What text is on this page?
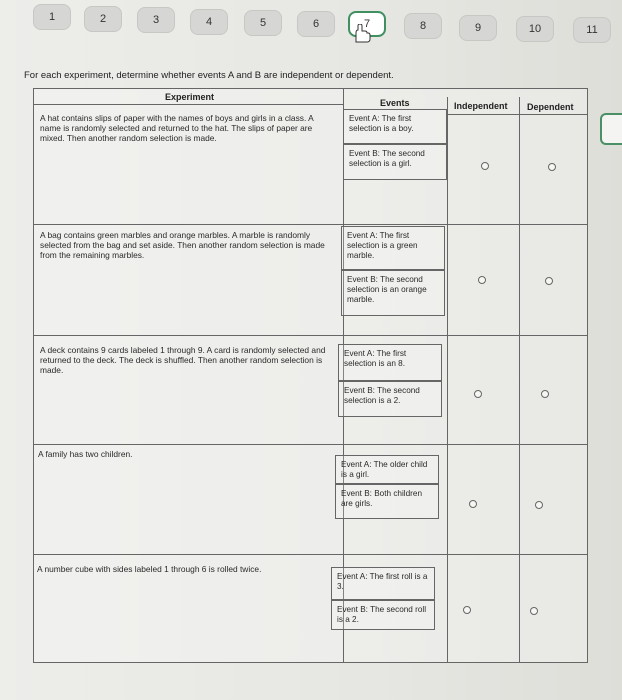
1	2	3	4	5	6	7	8	9	10	11
For each experiment, determine whether events A and B are independent or dependent.
Experiment
Events	Independent Dependent
A hat contains slips of paper with the names of boys and girls in a class. A name is randomly selected and returned to the hat. The slips of paper are mixed. Then another random selection is made.
Event A: The first selection is a boy.
Event B: The second selection is a girl.
A bag contains green marbles and orange marbles. A marble is randomly selected from the bag and set aside. Then another random selection is made from the remaining marbles.
Event A: The first selection is a green marble.
Event B: The second selection is an orange marble.
A deck contains 9 cards labeled 1 through 9. A card is randomly selected and returned to the deck. The deck is shuffled. Then another random selection is made.
Event A: The first selection is an 8.
Event B: The second selection is a 2.
A family has two children.
Event A: The older child is a girl.
Event B: Both children are girls.
A number cube with sides labeled 1 through 6 is rolled twice.
Event A: The first roll is a 3.
Event B: The second roll is a 2.
